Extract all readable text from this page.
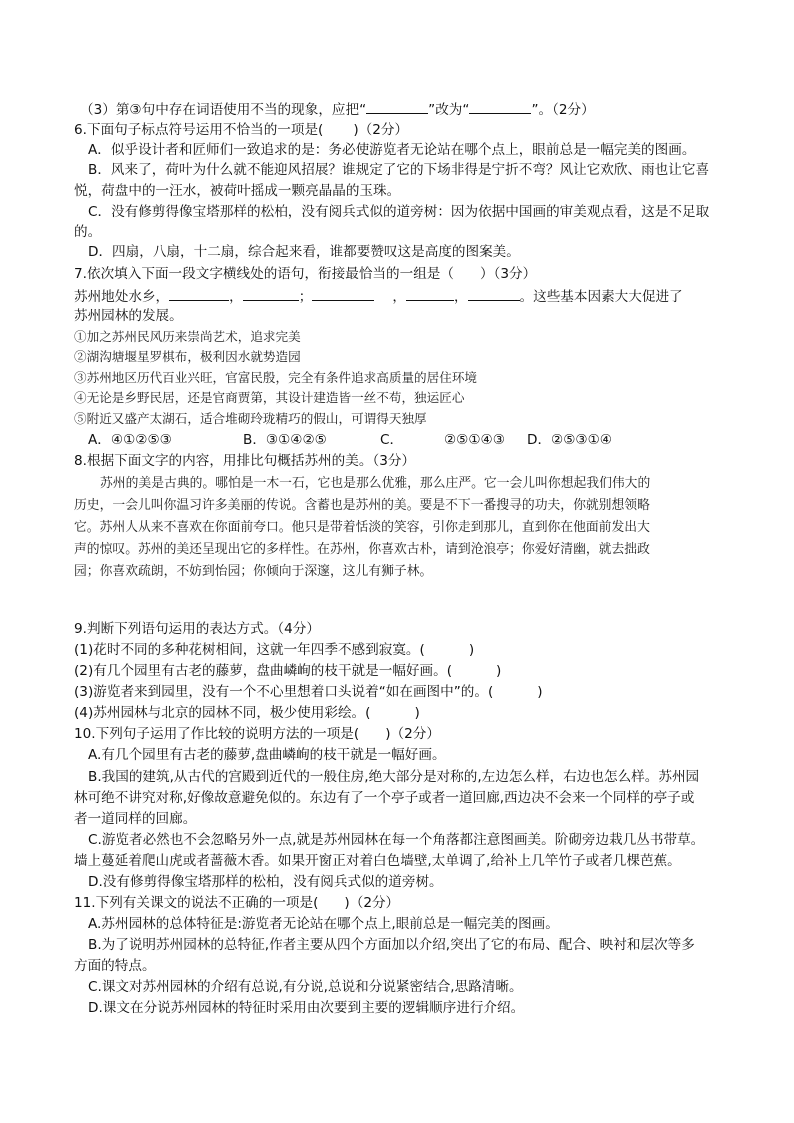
（3）第③句中存在词语使用不当的现象，应把“	”改为“	”。（2分）
6.下面句子标点符号运用不恰当的一项是( )（2分）
A．似乎设计者和匠师们一致追求的是：务必使游览者无论站在哪个点上，眼前总是一幅完美的图画。
B．风来了，荷叶为什么就不能迎风招展？谁规定了它的下场非得是宁折不弯？风让它欢欣、雨也让它喜
悦，荷盘中的一汪水，被荷叶摇成一颗亮晶晶的玉珠。
C．没有修剪得像宝塔那样的松柏，没有阅兵式似的道旁树：因为依据中国画的审美观点看，这是不足取
的。
D．四扇，八扇，十二扇，综合起来看，谁都要赞叹这是高度的图案美。
7.依次填入下面一段文字横线处的语句，衔接最恰当的一组是（ ）（3分）
苏州地处水乡，	，	；	，	，	。这些基本因素大大促进了
苏州园林的发展。
①加之苏州民风历来崇尚艺术，追求完美
②湖沟塘堰星罗棋布，极利因水就势造园
③苏州地区历代百业兴旺，官富民殷，完全有条件追求高质量的居住环境
④无论是乡野民居，还是官商贾第，其设计建造皆一丝不苟，独运匠心
⑤附近又盛产太湖石，适合堆砌玲珑精巧的假山，可谓得天独厚
A．④①②⑤③	B．③①④②⑤	C．	②⑤①④③ D．②⑤③①④
8.根据下面文字的内容，用排比句概括苏州的美。（3分）
苏州的美是古典的。哪怕是一木一石，它也是那么优雅，那么庄严。它一会儿叫你想起我们伟大的
历史，一会儿叫你温习许多美丽的传说。含蓄也是苏州的美。要是不下一番搜寻的功夫，你就别想领略
它。苏州人从来不喜欢在你面前夸口。他只是带着恬淡的笑容，引你走到那儿，直到你在他面前发出大
声的惊叹。苏州的美还呈现出它的多样性。在苏州，你喜欢古朴，请到沧浪亭；你爱好清幽，就去拙政
园；你喜欢疏朗，不妨到怡园；你倾向于深邃，这儿有狮子林。
9.判断下列语句运用的表达方式。（4分）
(1)花时不同的多种花树相间，这就一年四季不感到寂寞。(	)
(2)有几个园里有古老的藤萝，盘曲嶙峋的枝干就是一幅好画。(	)
(3)游览者来到园里，没有一个不心里想着口头说着“如在画图中”的。(	)
(4)苏州园林与北京的园林不同，极少使用彩绘。(	)
10.下列句子运用了作比较的说明方法的一项是( )（2分）
A.有几个园里有古老的藤萝,盘曲嶙峋的枝干就是一幅好画。
B.我国的建筑,从古代的宫殿到近代的一般住房,绝大部分是对称的,左边怎么样，右边也怎么样。苏州园
林可绝不讲究对称,好像故意避免似的。东边有了一个亭子或者一道回廊,西边决不会来一个同样的亭子或
者一道同样的回廊。
C.游览者必然也不会忽略另外一点,就是苏州园林在每一个角落都注意图画美。阶砌旁边栽几丛书带草。
墙上蔓延着爬山虎或者蔷薇木香。如果开窗正对着白色墙壁,太单调了,给补上几竿竹子或者几棵芭蕉。
D.没有修剪得像宝塔那样的松柏，没有阅兵式似的道旁树。
11.下列有关课文的说法不正确的一项是( )（2分）
A.苏州园林的总体特征是:游览者无论站在哪个点上,眼前总是一幅完美的图画。
B.为了说明苏州园林的总特征,作者主要从四个方面加以介绍,突出了它的布局、配合、映衬和层次等多
方面的特点。
C.课文对苏州园林的介绍有总说,有分说,总说和分说紧密结合,思路清晰。
D.课文在分说苏州园林的特征时采用由次要到主要的逻辑顺序进行介绍。
